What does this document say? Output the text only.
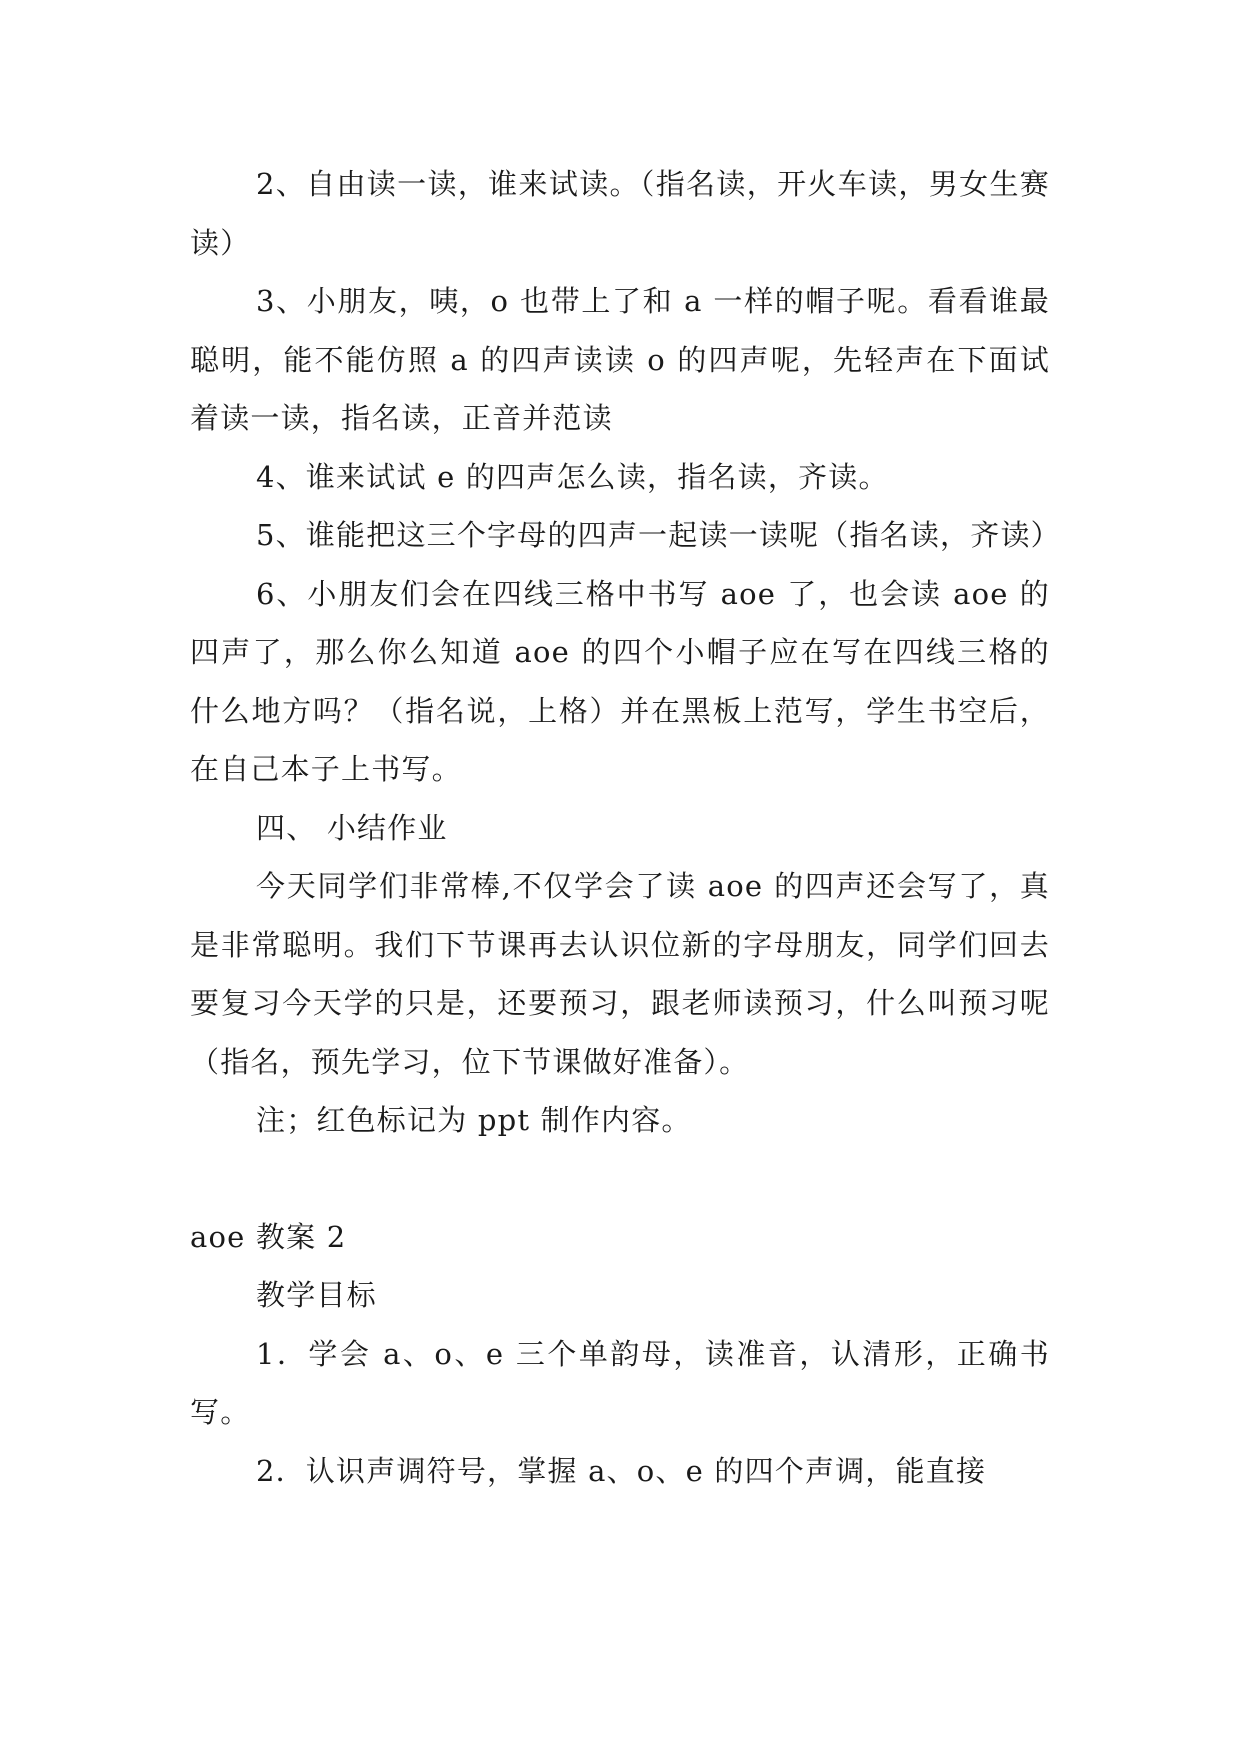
2、自由读一读，谁来试读。（指名读，开火车读，男女生赛读）

3、小朋友，咦，o 也带上了和 a 一样的帽子呢。看看谁最聪明，能不能仿照 a 的四声读读 o 的四声呢，先轻声在下面试着读一读，指名读，正音并范读

4、谁来试试 e 的四声怎么读，指名读，齐读。

5、谁能把这三个字母的四声一起读一读呢（指名读，齐读）

6、小朋友们会在四线三格中书写 aoe 了，也会读 aoe 的四声了，那么你么知道 aoe 的四个小帽子应在写在四线三格的什么地方吗？（指名说，上格）并在黑板上范写，学生书空后，在自己本子上书写。

四、 小结作业

今天同学们非常棒,不仅学会了读 aoe 的四声还会写了，真是非常聪明。我们下节课再去认识位新的字母朋友，同学们回去要复习今天学的只是，还要预习，跟老师读预习，什么叫预习呢（指名，预先学习，位下节课做好准备）。

注；红色标记为 ppt 制作内容。

aoe 教案 2

教学目标

1．学会 a、o、e 三个单韵母，读准音，认清形，正确书写。

2．认识声调符号，掌握 a、o、e 的四个声调，能直接
